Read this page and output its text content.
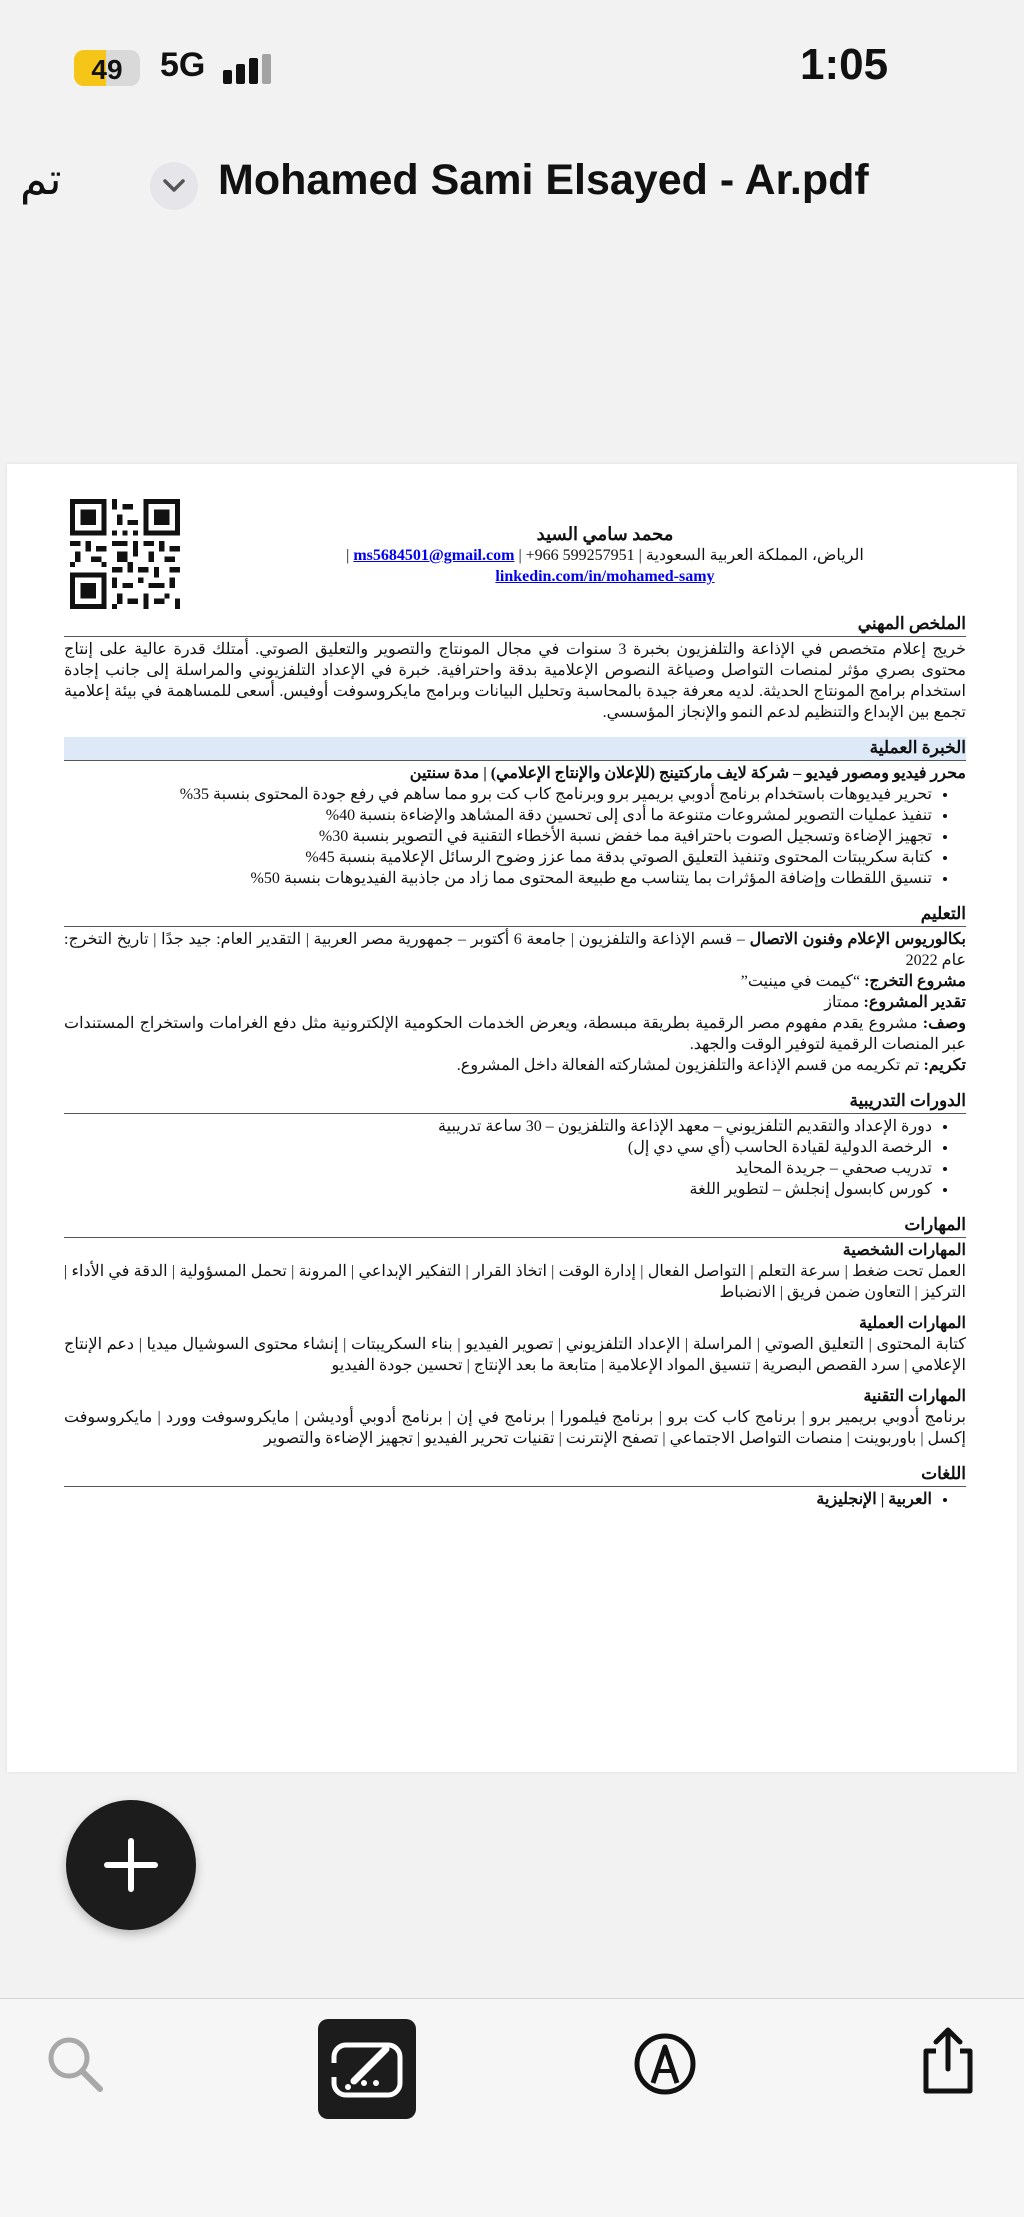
49	5G	1:05
تم	Mohamed Sami Elsayed - Ar.pdf
محمد سامي السيد
الرياض، المملكة العربية السعودية | +966 599257951 | ms5684501@gmail.com |
linkedin.com/in/mohamed-samy
الملخص المهني

خريج إعلام متخصص في الإذاعة والتلفزيون بخبرة 3 سنوات في مجال المونتاج والتصوير والتعليق الصوتي. أمتلك قدرة عالية على إنتاج محتوى بصري مؤثر لمنصات التواصل وصياغة النصوص الإعلامية بدقة واحترافية. خبرة في الإعداد التلفزيوني والمراسلة إلى جانب إجادة استخدام برامج المونتاج الحديثة. لديه معرفة جيدة بالمحاسبة وتحليل البيانات وبرامج مايكروسوفت أوفيس. أسعى للمساهمة في بيئة إعلامية تجمع بين الإبداع والتنظيم لدعم النمو والإنجاز المؤسسي.

الخبرة العملية
محرر فيديو ومصور فيديو – شركة لايف ماركتينج (للإعلان والإنتاج الإعلامي) | مدة سنتين
• تحرير فيديوهات باستخدام برنامج أدوبي بريمير برو وبرنامج كاب كت برو مما ساهم في رفع جودة المحتوى بنسبة 35%
• تنفيذ عمليات التصوير لمشروعات متنوعة ما أدى إلى تحسين دقة المشاهد والإضاءة بنسبة 40%
• تجهيز الإضاءة وتسجيل الصوت باحترافية مما خفض نسبة الأخطاء التقنية في التصوير بنسبة 30%
• كتابة سكريبتات المحتوى وتنفيذ التعليق الصوتي بدقة مما عزز وضوح الرسائل الإعلامية بنسبة 45%
• تنسيق اللقطات وإضافة المؤثرات بما يتناسب مع طبيعة المحتوى مما زاد من جاذبية الفيديوهات بنسبة 50%
التعليم

بكالوريوس الإعلام وفنون الاتصال – قسم الإذاعة والتلفزيون | جامعة 6 أكتوبر – جمهورية مصر العربية | التقدير العام: جيد جدًا | تاريخ التخرج: عام 2022

مشروع التخرج: “كيمت في مينيت”

تقدير المشروع: ممتاز

وصف: مشروع يقدم مفهوم مصر الرقمية بطريقة مبسطة، ويعرض الخدمات الحكومية الإلكترونية مثل دفع الغرامات واستخراج المستندات عبر المنصات الرقمية لتوفير الوقت والجهد.

تكريم: تم تكريمه من قسم الإذاعة والتلفزيون لمشاركته الفعالة داخل المشروع.

الدورات التدريبية
• دورة الإعداد والتقديم التلفزيوني – معهد الإذاعة والتلفزيون – 30 ساعة تدريبية
• الرخصة الدولية لقيادة الحاسب (أي سي دي إل)
• تدريب صحفي – جريدة المحايد
• كورس كابسول إنجلش – لتطوير اللغة
المهارات
المهارات الشخصية

العمل تحت ضغط | سرعة التعلم | التواصل الفعال | إدارة الوقت | اتخاذ القرار | التفكير الإبداعي | المرونة | تحمل المسؤولية | الدقة في الأداء | التركيز | التعاون ضمن فريق | الانضباط

المهارات العملية

كتابة المحتوى | التعليق الصوتي | المراسلة | الإعداد التلفزيوني | تصوير الفيديو | بناء السكريبتات | إنشاء محتوى السوشيال ميديا | دعم الإنتاج الإعلامي | سرد القصص البصرية | تنسيق المواد الإعلامية | متابعة ما بعد الإنتاج | تحسين جودة الفيديو

المهارات التقنية

برنامج أدوبي بريمير برو | برنامج كاب كت برو | برنامج فيلمورا | برنامج في إن | برنامج أدوبي أوديشن | مايكروسوفت وورد | مايكروسوفت إكسل | باوربوينت | منصات التواصل الاجتماعي | تصفح الإنترنت | تقنيات تحرير الفيديو | تجهيز الإضاءة والتصوير

اللغات
• العربية | الإنجليزية
